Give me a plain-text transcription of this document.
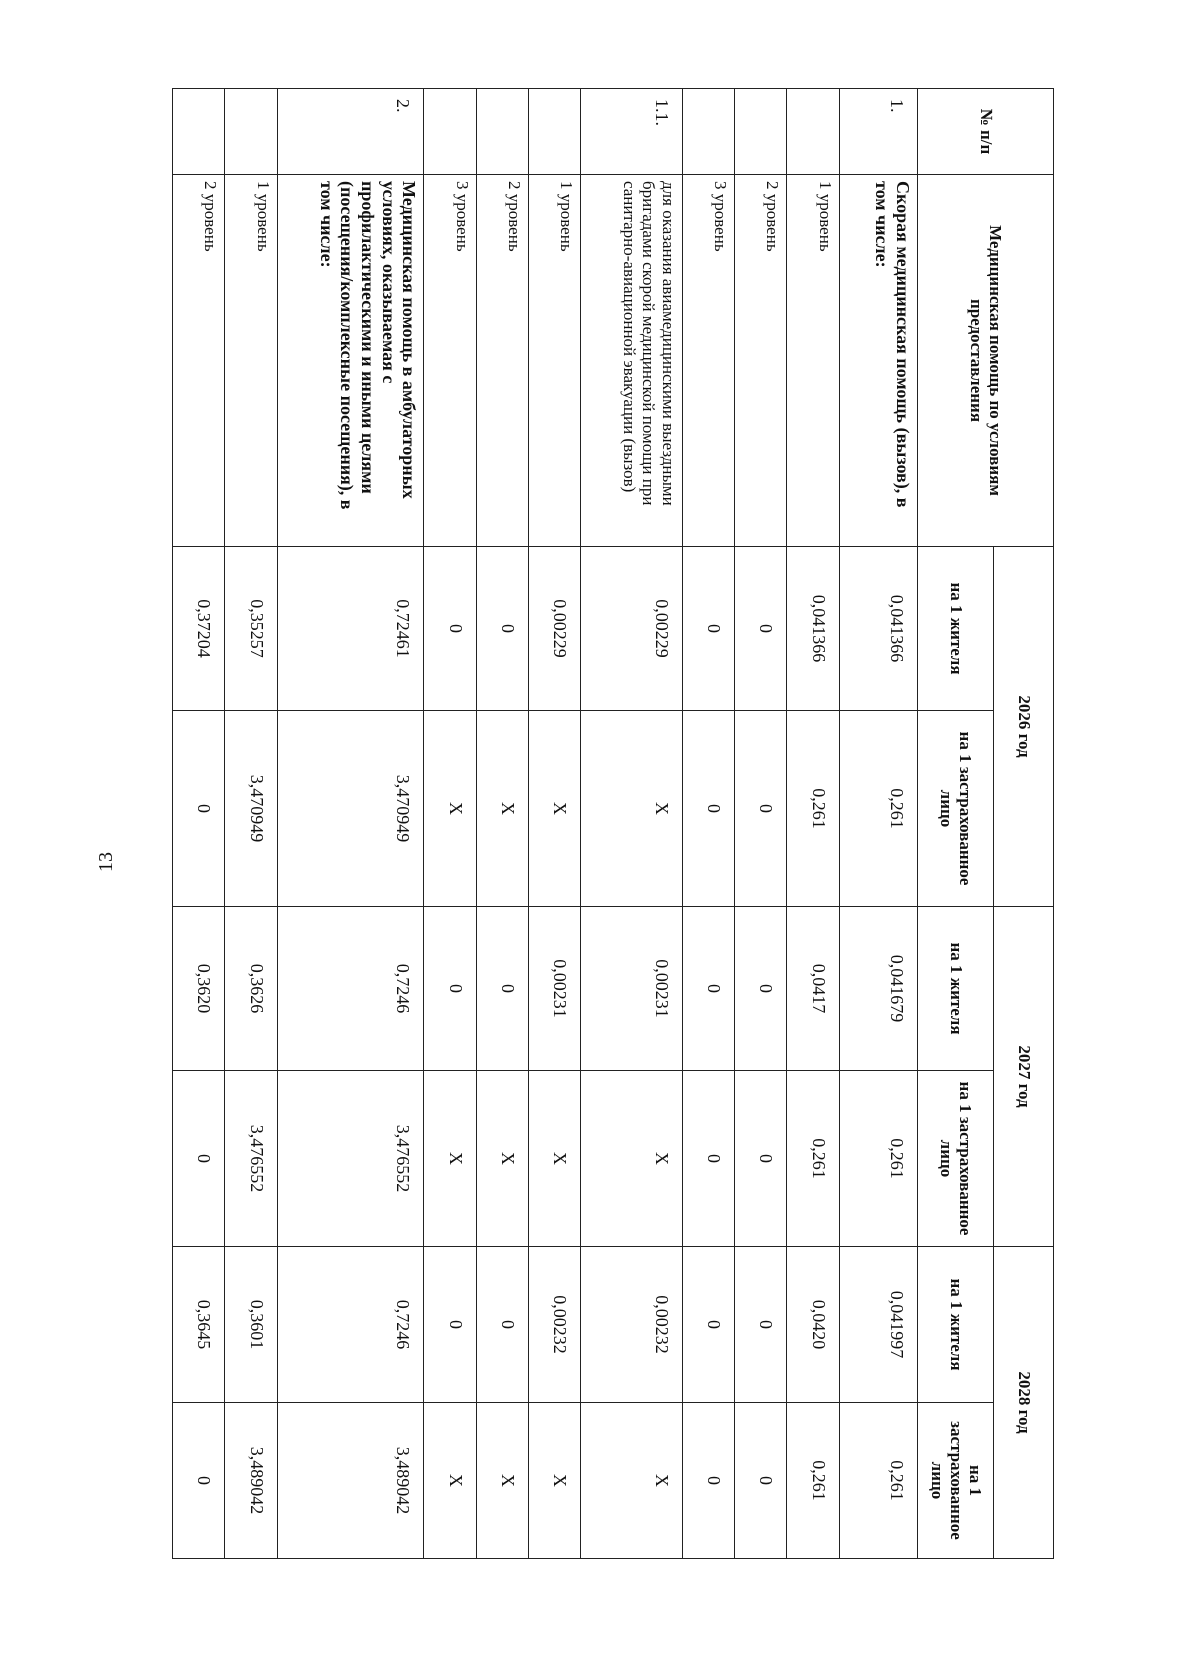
13
№ п/п	Медицинская помощь по условиям предоставления	2026 год		2027 год		2028 год	
		на 1 жителя	на 1 застрахованное лицо	на 1 жителя	на 1 застрахованное лицо	на 1 жителя	на 1 застрахованное лицо
1.	Скорая медицинская помощь (вызов), в том числе:	0,041366	0,261	0,041679	0,261	0,041997	0,261
	1 уровень	0,041366	0,261	0,0417	0,261	0,0420	0,261
	2 уровень	0	0	0	0	0	0
	3 уровень	0	0	0	0	0	0
1.1.	для оказания авиамедицинскими выездными бригадами скорой медицинской помощи при санитарно-авиационной эвакуации (вызов)	0,00229	X	0,00231	X	0,00232	X
	1 уровень	0,00229	X	0,00231	X	0,00232	X
	2 уровень	0	X	0	X	0	X
	3 уровень	0	X	0	X	0	X
2.	Медицинская помощь в амбулаторных условиях, оказываемая с профилактическими и иными целями (посещения/комплексные посещения), в том числе:	0,72461	3,470949	0,7246	3,476552	0,7246	3,489042
	1 уровень	0,35257	3,470949	0,3626	3,476552	0,3601	3,489042
	2 уровень	0,37204	0	0,3620	0	0,3645	0
